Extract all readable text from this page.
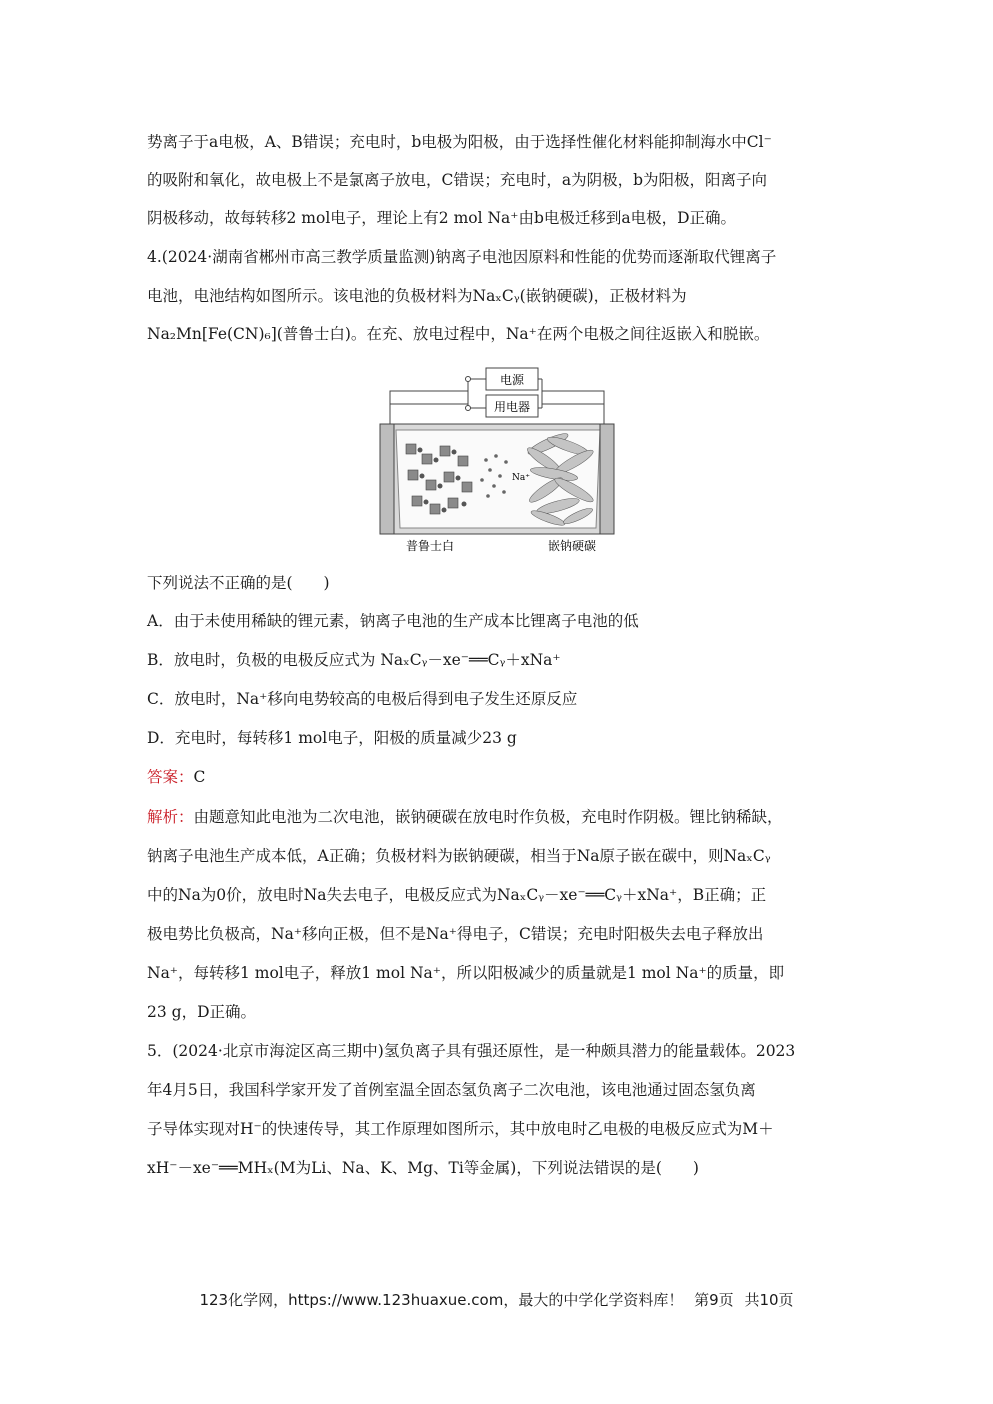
势离子于a电极，A、B错误；充电时，b电极为阳极，由于选择性催化材料能抑制海水中Cl⁻
的吸附和氧化，故电极上不是氯离子放电，C错误；充电时，a为阴极，b为阳极，阳离子向
阴极移动，故每转移2 mol电子，理论上有2 mol Na⁺由b电极迁移到a电极，D正确。
4.(2024·湖南省郴州市高三教学质量监测)钠离子电池因原料和性能的优势而逐渐取代锂离子
电池，电池结构如图所示。该电池的负极材料为NaₓCᵧ(嵌钠硬碳)，正极材料为
Na₂Mn[Fe(CN)₆](普鲁士白)。在充、放电过程中，Na⁺在两个电极之间往返嵌入和脱嵌。
下列说法不正确的是(　　)
A．由于未使用稀缺的锂元素，钠离子电池的生产成本比锂离子电池的低
B．放电时，负极的电极反应式为 NaₓCᵧ－xe⁻══Cᵧ＋xNa⁺
C．放电时，Na⁺移向电势较高的电极后得到电子发生还原反应
D．充电时，每转移1 mol电子，阳极的质量减少23 g
中的Na为0价，放电时Na失去电子，电极反应式为NaₓCᵧ－xe⁻══Cᵧ＋xNa⁺，B正确；正
极电势比负极高，Na⁺移向正极，但不是Na⁺得电子，C错误；充电时阳极失去电子释放出
Na⁺，每转移1 mol电子，释放1 mol Na⁺，所以阳极减少的质量就是1 mol Na⁺的质量，即
23 g，D正确。
5．(2024·北京市海淀区高三期中)氢负离子具有强还原性，是一种颇具潜力的能量载体。2023
年4月5日，我国科学家开发了首例室温全固态氢负离子二次电池，该电池通过固态氢负离
子导体实现对H⁻的快速传导，其工作原理如图所示，其中放电时乙电极的电极反应式为M＋
xH⁻－xe⁻══MHₓ(M为Li、Na、K、Mg、Ti等金属)，下列说法错误的是(　　)
答案：C
解析：由题意知此电池为二次电池，嵌钠硬碳在放电时作负极，充电时作阴极。锂比钠稀缺，
钠离子电池生产成本低，A正确；负极材料为嵌钠硬碳，相当于Na原子嵌在碳中，则NaₓCᵧ
电源
用电器
Na⁺
普鲁士白	嵌钠硬碳
123化学网，https://www.123huaxue.com，最大的中学化学资料库！ 第9页 共10页
